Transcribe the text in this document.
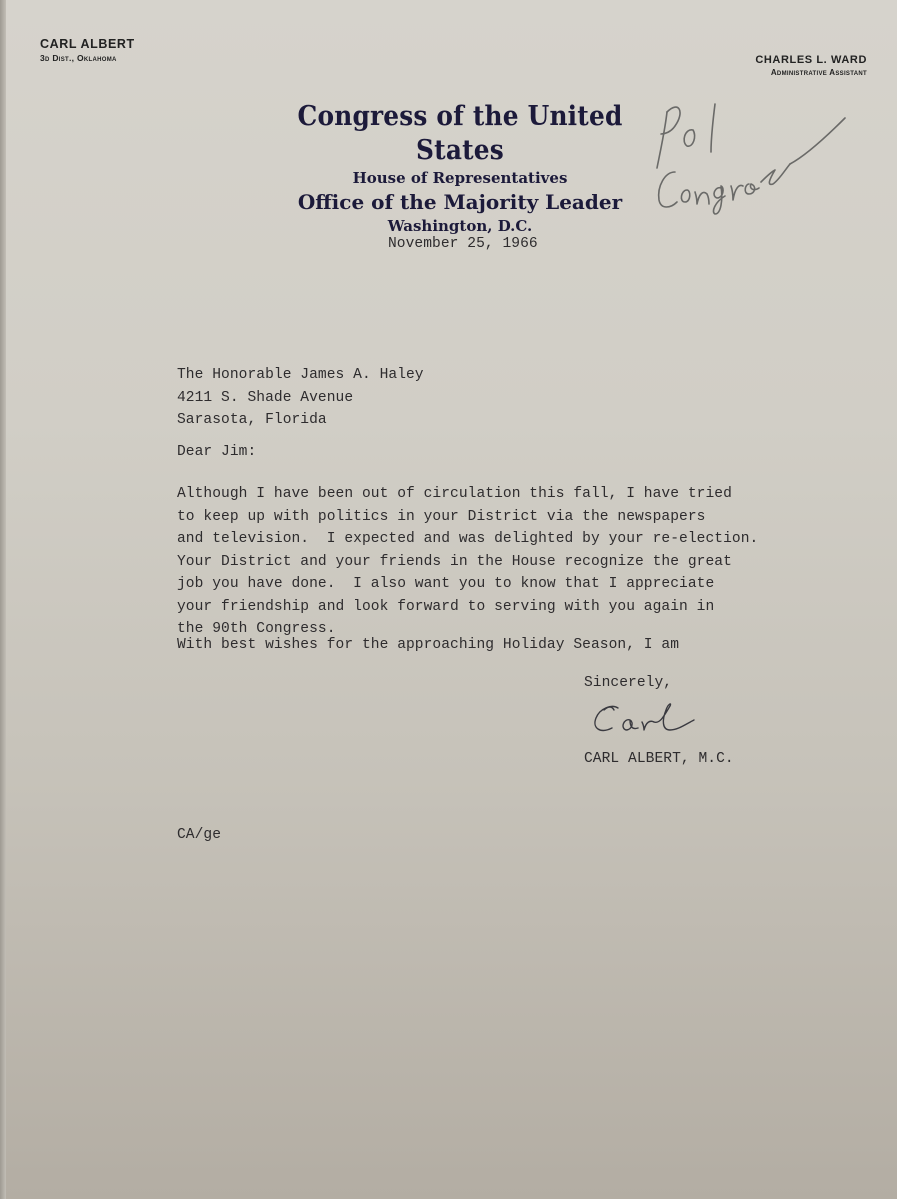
CARL ALBERT
3d Dist., Oklahoma	CHARLES L. WARD
Administrative Assistant
Congress of the United States
House of Representatives
Office of the Majority Leader
Washington, D.C.
November 25, 1966
The Honorable James A. Haley
4211 S. Shade Avenue
Sarasota, Florida
Dear Jim:
Although I have been out of circulation this fall, I have tried
to keep up with politics in your District via the newspapers
and television.  I expected and was delighted by your re-election.
Your District and your friends in the House recognize the great
job you have done.  I also want you to know that I appreciate
your friendship and look forward to serving with you again in
the 90th Congress.
With best wishes for the approaching Holiday Season, I am
Sincerely,
CARL ALBERT, M.C.
CA/ge
